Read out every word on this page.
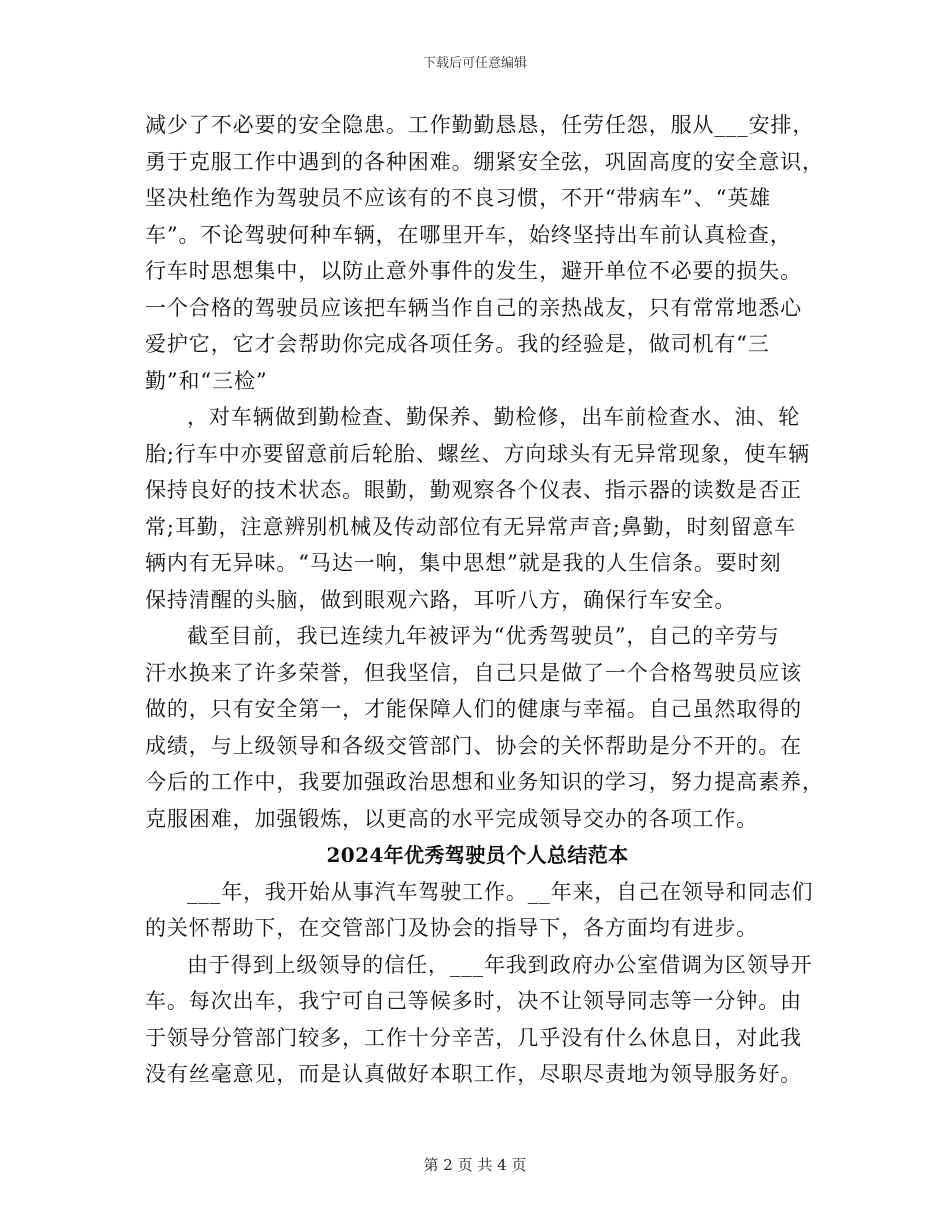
下载后可任意编辑
减少了不必要的安全隐患。工作勤勤恳恳，任劳任怨，服从___安排，
勇于克服工作中遇到的各种困难。绷紧安全弦，巩固高度的安全意识，
坚决杜绝作为驾驶员不应该有的不良习惯，不开“带病车”、“英雄
车”。不论驾驶何种车辆，在哪里开车，始终坚持出车前认真检查，
行车时思想集中，以防止意外事件的发生，避开单位不必要的损失。
一个合格的驾驶员应该把车辆当作自己的亲热战友，只有常常地悉心
爱护它，它才会帮助你完成各项任务。我的经验是，做司机有“三
勤”和“三检”
，对车辆做到勤检查、勤保养、勤检修，出车前检查水、油、轮
胎;行车中亦要留意前后轮胎、螺丝、方向球头有无异常现象，使车辆
保持良好的技术状态。眼勤，勤观察各个仪表、指示器的读数是否正
常;耳勤，注意辨别机械及传动部位有无异常声音;鼻勤，时刻留意车
辆内有无异味。“马达一响，集中思想”就是我的人生信条。要时刻
保持清醒的头脑，做到眼观六路，耳听八方，确保行车安全。
截至目前，我已连续九年被评为“优秀驾驶员”，自己的辛劳与
汗水换来了许多荣誉，但我坚信，自己只是做了一个合格驾驶员应该
做的，只有安全第一，才能保障人们的健康与幸福。自己虽然取得的
成绩，与上级领导和各级交管部门、协会的关怀帮助是分不开的。在
今后的工作中，我要加强政治思想和业务知识的学习，努力提高素养，
克服困难，加强锻炼，以更高的水平完成领导交办的各项工作。
2024年优秀驾驶员个人总结范本
___年，我开始从事汽车驾驶工作。__年来，自己在领导和同志们
的关怀帮助下，在交管部门及协会的指导下，各方面均有进步。
由于得到上级领导的信任，___年我到政府办公室借调为区领导开
车。每次出车，我宁可自己等候多时，决不让领导同志等一分钟。由
于领导分管部门较多，工作十分辛苦，几乎没有什么休息日，对此我
没有丝毫意见，而是认真做好本职工作，尽职尽责地为领导服务好。
第 2 页 共 4 页
